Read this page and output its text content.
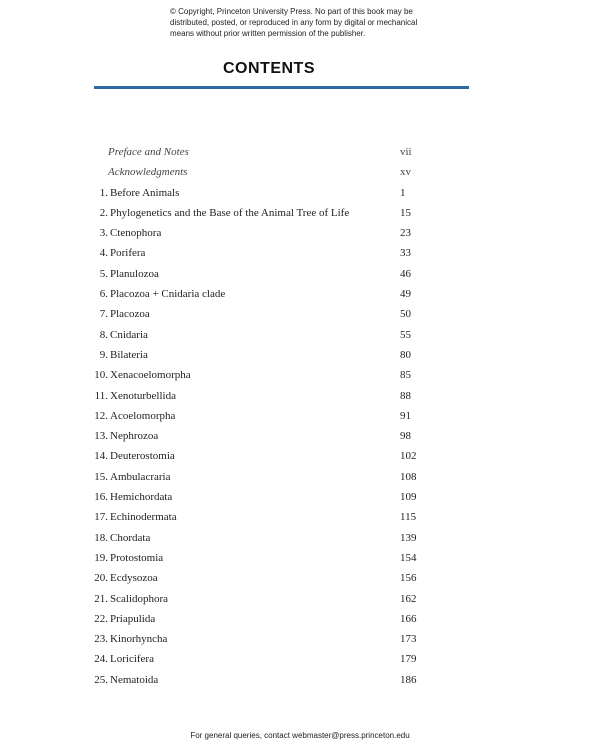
© Copyright, Princeton University Press. No part of this book may be
distributed, posted, or reproduced in any form by digital or mechanical
means without prior written permission of the publisher.
CONTENTS
Preface and Notes	vii
Acknowledgments	xv
1. Before Animals	1
2. Phylogenetics and the Base of the Animal Tree of Life	15
3. Ctenophora	23
4. Porifera	33
5. Planulozoa	46
6. Placozoa + Cnidaria clade	49
7. Placozoa	50
8. Cnidaria	55
9. Bilateria	80
10. Xenacoelomorpha	85
11. Xenoturbellida	88
12. Acoelomorpha	91
13. Nephrozoa	98
14. Deuterostomia	102
15. Ambulacraria	108
16. Hemichordata	109
17. Echinodermata	115
18. Chordata	139
19. Protostomia	154
20. Ecdysozoa	156
21. Scalidophora	162
22. Priapulida	166
23. Kinorhyncha	173
24. Loricifera	179
25. Nematoida	186
For general queries, contact webmaster@press.princeton.edu
